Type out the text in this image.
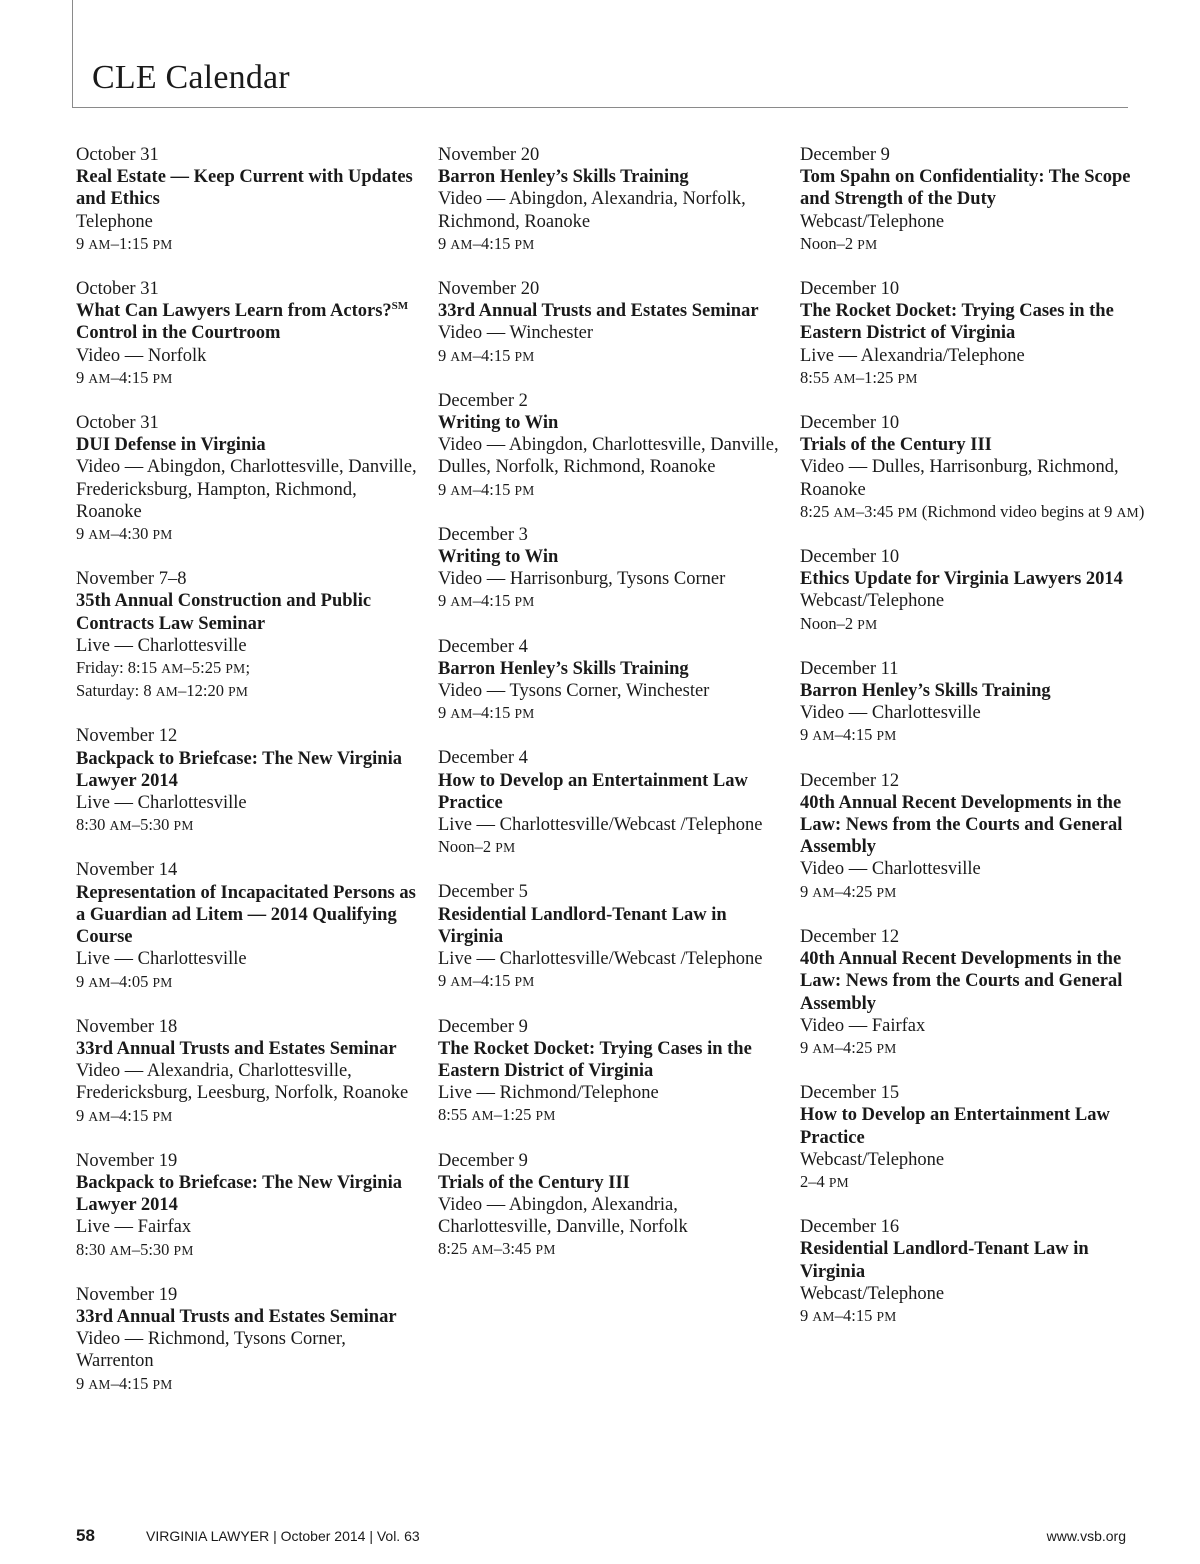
CLE Calendar
October 31
Real Estate — Keep Current with Updates and Ethics
Telephone
9 AM–1:15 PM
October 31
What Can Lawyers Learn from Actors?℠ Control in the Courtroom
Video — Norfolk
9 AM–4:15 PM
October 31
DUI Defense in Virginia
Video — Abingdon, Charlottesville, Danville, Fredericksburg, Hampton, Richmond, Roanoke
9 AM–4:30 PM
November 7–8
35th Annual Construction and Public Contracts Law Seminar
Live — Charlottesville
Friday: 8:15 AM–5:25 PM;
Saturday: 8 AM–12:20 PM
November 12
Backpack to Briefcase: The New Virginia Lawyer 2014
Live — Charlottesville
8:30 AM–5:30 PM
November 14
Representation of Incapacitated Persons as a Guardian ad Litem — 2014 Qualifying Course
Live — Charlottesville
9 AM–4:05 PM
November 18
33rd Annual Trusts and Estates Seminar
Video — Alexandria, Charlottesville, Fredericksburg, Leesburg, Norfolk, Roanoke
9 AM–4:15 PM
November 19
Backpack to Briefcase: The New Virginia Lawyer 2014
Live — Fairfax
8:30 AM–5:30 PM
November 19
33rd Annual Trusts and Estates Seminar
Video — Richmond, Tysons Corner, Warrenton
9 AM–4:15 PM
November 20
Barron Henley’s Skills Training
Video — Abingdon, Alexandria, Norfolk, Richmond, Roanoke
9 AM–4:15 PM
November 20
33rd Annual Trusts and Estates Seminar
Video — Winchester
9 AM–4:15 PM
December 2
Writing to Win
Video — Abingdon, Charlottesville, Danville, Dulles, Norfolk, Richmond, Roanoke
9 AM–4:15 PM
December 3
Writing to Win
Video — Harrisonburg, Tysons Corner
9 AM–4:15 PM
December 4
Barron Henley’s Skills Training
Video — Tysons Corner, Winchester
9 AM–4:15 PM
December 4
How to Develop an Entertainment Law Practice
Live — Charlottesville/Webcast /Telephone
Noon–2 PM
December 5
Residential Landlord-Tenant Law in Virginia
Live — Charlottesville/Webcast /Telephone
9 AM–4:15 PM
December 9
The Rocket Docket: Trying Cases in the Eastern District of Virginia
Live — Richmond/Telephone
8:55 AM–1:25 PM
December 9
Trials of the Century III
Video — Abingdon, Alexandria, Charlottesville, Danville, Norfolk
8:25 AM–3:45 PM
December 9
Tom Spahn on Confidentiality: The Scope and Strength of the Duty
Webcast/Telephone
Noon–2 PM
December 10
The Rocket Docket: Trying Cases in the Eastern District of Virginia
Live — Alexandria/Telephone
8:55 AM–1:25 PM
December 10
Trials of the Century III
Video — Dulles, Harrisonburg, Richmond, Roanoke
8:25 AM–3:45 PM (Richmond video begins at 9 AM)
December 10
Ethics Update for Virginia Lawyers 2014
Webcast/Telephone
Noon–2 PM
December 11
Barron Henley’s Skills Training
Video — Charlottesville
9 AM–4:15 PM
December 12
40th Annual Recent Developments in the Law: News from the Courts and General Assembly
Video — Charlottesville
9 AM–4:25 PM
December 12
40th Annual Recent Developments in the Law: News from the Courts and General Assembly
Video — Fairfax
9 AM–4:25 PM
December 15
How to Develop an Entertainment Law Practice
Webcast/Telephone
2–4 PM
December 16
Residential Landlord-Tenant Law in Virginia
Webcast/Telephone
9 AM–4:15 PM
58	VIRGINIA LAWYER | October 2014 | Vol. 63	www.vsb.org
